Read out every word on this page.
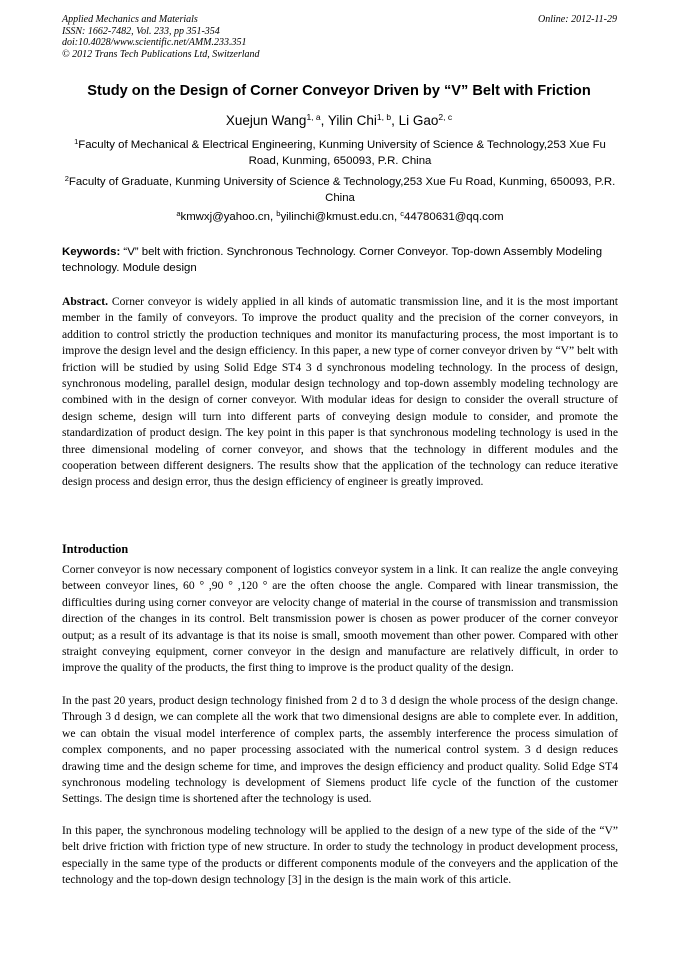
Applied Mechanics and Materials
ISSN: 1662-7482, Vol. 233, pp 351-354
doi:10.4028/www.scientific.net/AMM.233.351
© 2012 Trans Tech Publications Ltd, Switzerland
Online: 2012-11-29
Study on the Design of Corner Conveyor Driven by “V” Belt with Friction
Xuejun Wang$^{1, a}$, Yilin Chi$^{1, b}$, Li Gao$^{2, c}$
$^1$Faculty of Mechanical & Electrical Engineering, Kunming University of Science & Technology,253 Xue Fu Road, Kunming, 650093, P.R. China
$^2$Faculty of Graduate, Kunming University of Science & Technology,253 Xue Fu Road, Kunming, 650093, P.R. China
$^a$kmwxj@yahoo.cn, $^b$yilinchi@kmust.edu.cn, $^c$44780631@qq.com
Keywords: “V” belt with friction. Synchronous Technology. Corner Conveyor. Top-down Assembly Modeling technology. Module design

Abstract. Corner conveyor is widely applied in all kinds of automatic transmission line, and it is the most important member in the family of conveyors. To improve the product quality and the precision of the corner conveyors, in addition to control strictly the production techniques and monitor its manufacturing process, the most important is to improve the design level and the design efficiency. In this paper, a new type of corner conveyor driven by “V” belt with friction will be studied by using Solid Edge ST4 3 d synchronous modeling technology. In the process of design, synchronous modeling, parallel design, modular design technology and top-down assembly modeling technology are combined with in the design of corner conveyor. With modular ideas for design to consider the overall structure of design scheme, design will turn into different parts of conveying design module to consider, and promote the standardization of product design. The key point in this paper is that synchronous modeling technology is used in the three dimensional modeling of corner conveyor, and shows that the technology in different modules and the cooperation between different designers. The results show that the application of the technology can reduce iterative design process and design error, thus the design efficiency of engineer is greatly improved.

Introduction

Corner conveyor is now necessary component of logistics conveyor system in a link. It can realize the angle conveying between conveyor lines, 60 ° ,90 ° ,120 ° are the often choose the angle. Compared with linear transmission, the difficulties during using corner conveyor are velocity change of material in the course of transmission and transmission direction of the changes in its control. Belt transmission power is chosen as power producer of the corner conveyor output; as a result of its advantage is that its noise is small, smooth movement than other power. Compared with other straight conveying equipment, corner conveyor in the design and manufacture are relatively difficult, in order to improve the quality of the products, the first thing to improve is the product quality of the design.

In the past 20 years, product design technology finished from 2 d to 3 d design the whole process of the design change. Through 3 d design, we can complete all the work that two dimensional designs are able to complete ever. In addition, we can obtain the visual model interference of complex parts, the assembly interference the process simulation of complex components, and no paper processing associated with the numerical control system. 3 d design reduces drawing time and the design scheme for time, and improves the design efficiency and product quality. Solid Edge ST4 synchronous modeling technology is development of Siemens product life cycle of the function of the customer Settings. The design time is shortened after the technology is used.

In this paper, the synchronous modeling technology will be applied to the design of a new type of the side of the “V” belt drive friction with friction type of new structure. In order to study the technology in product development process, especially in the same type of the products or different components module of the conveyers and the application of the technology and the top-down design technology [3] in the design is the main work of this article.
